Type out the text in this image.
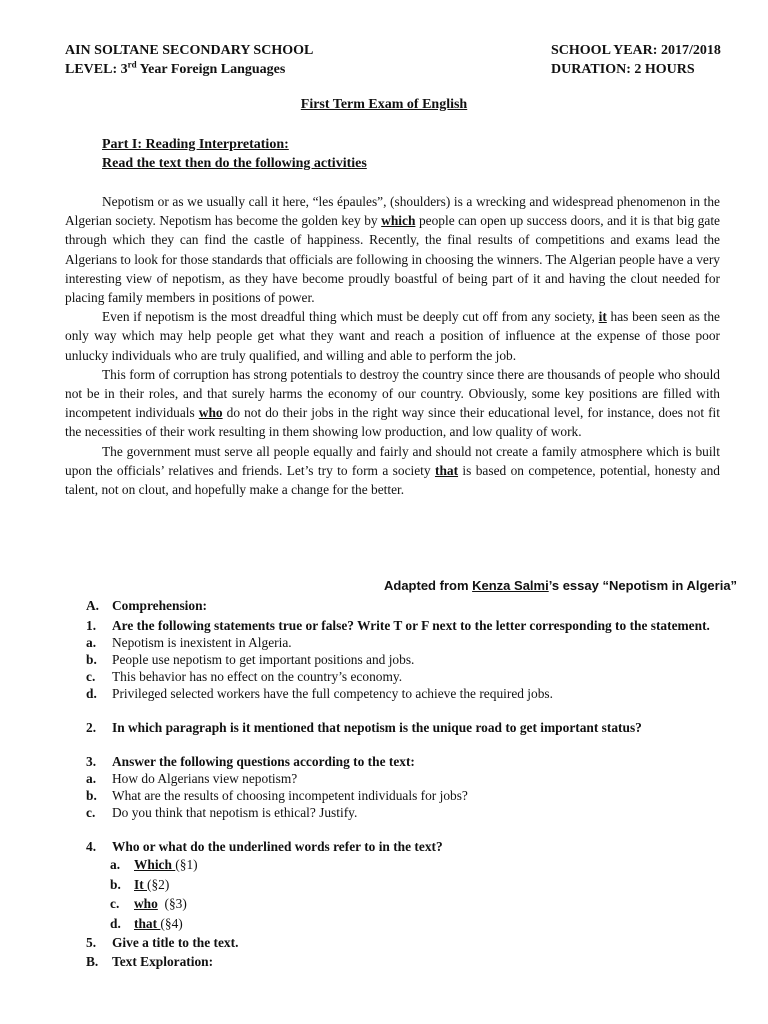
AIN SOLTANE SECONDARY SCHOOL
LEVEL: 3rd Year Foreign Languages
SCHOOL YEAR: 2017/2018
DURATION: 2 HOURS
First Term Exam of English
Part I: Reading Interpretation:
Read the text then do the following activities

Nepotism or as we usually call it here, “les épaules”, (shoulders) is a wrecking and widespread phenomenon in the Algerian society. Nepotism has become the golden key by which people can open up success doors, and it is that big gate through which they can find the castle of happiness. Recently, the final results of competitions and exams lead the Algerians to look for those standards that officials are following in choosing the winners. The Algerian people have a very interesting view of nepotism, as they have become proudly boastful of being part of it and having the clout needed for placing family members in positions of power.

Even if nepotism is the most dreadful thing which must be deeply cut off from any society, it has been seen as the only way which may help people get what they want and reach a position of influence at the expense of those poor unlucky individuals who are truly qualified, and willing and able to perform the job.

This form of corruption has strong potentials to destroy the country since there are thousands of people who should not be in their roles, and that surely harms the economy of our country. Obviously, some key positions are filled with incompetent individuals who do not do their jobs in the right way since their educational level, for instance, does not fit the necessities of their work resulting in them showing low production, and low quality of work.

The government must serve all people equally and fairly and should not create a family atmosphere which is built upon the officials’ relatives and friends. Let’s try to form a society that is based on competence, potential, honesty and talent, not on clout, and hopefully make a change for the better.

Adapted from Kenza Salmi’s essay “Nepotism in Algeria”
A. Comprehension:
1.	Are the following statements true or false? Write T or F next to the letter corresponding to the statement.
a.	Nepotism is inexistent in Algeria.
b.	People use nepotism to get important positions and jobs.
c.	This behavior has no effect on the country’s economy.
d.	Privileged selected workers have the full competency to achieve the required jobs.
2.	In which paragraph is it mentioned that nepotism is the unique road to get important status?
3.	Answer the following questions according to the text:
a.	How do Algerians view nepotism?
b.	What are the results of choosing incompetent individuals for jobs?
c.	Do you think that nepotism is ethical? Justify.
4.	Who or what do the underlined words refer to in the text?
a.	Which (§1)
b. It (§2)
c.	who  (§3)
d. that (§4)
5.	Give a title to the text.
B.	Text Exploration:
